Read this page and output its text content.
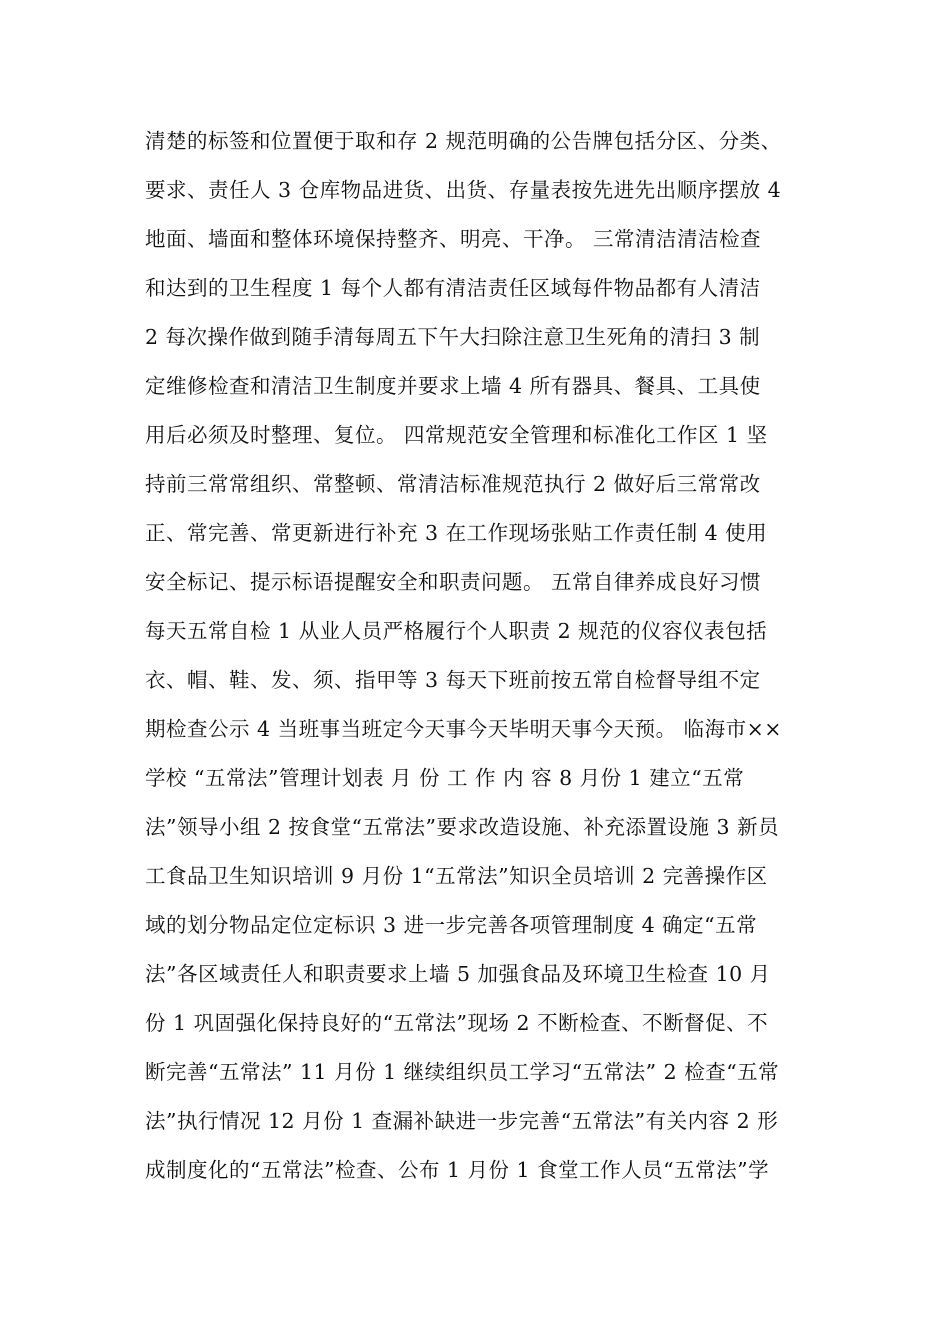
清楚的标签和位置便于取和存 2 规范明确的公告牌包括分区、分类、
要求、责任人 3 仓库物品进货、出货、存量表按先进先出顺序摆放 4
地面、墙面和整体环境保持整齐、明亮、干净。 三常清洁清洁检查
和达到的卫生程度 1 每个人都有清洁责任区域每件物品都有人清洁
2 每次操作做到随手清每周五下午大扫除注意卫生死角的清扫 3 制
定维修检查和清洁卫生制度并要求上墙 4 所有器具、餐具、工具使
用后必须及时整理、复位。 四常规范安全管理和标准化工作区 1 坚
持前三常常组织、常整顿、常清洁标准规范执行 2 做好后三常常改
正、常完善、常更新进行补充 3 在工作现场张贴工作责任制 4 使用
安全标记、提示标语提醒安全和职责问题。 五常自律养成良好习惯
每天五常自检 1 从业人员严格履行个人职责 2 规范的仪容仪表包括
衣、帽、鞋、发、须、指甲等 3 每天下班前按五常自检督导组不定
期检查公示 4 当班事当班定今天事今天毕明天事今天预。 临海市××
学校 “五常法”管理计划表 月 份 工 作 内 容 8 月份 1 建立“五常
法”领导小组 2 按食堂“五常法”要求改造设施、补充添置设施 3 新员
工食品卫生知识培训 9 月份 1“五常法”知识全员培训 2 完善操作区
域的划分物品定位定标识 3 进一步完善各项管理制度 4 确定“五常
法”各区域责任人和职责要求上墙 5 加强食品及环境卫生检查 10 月
份 1 巩固强化保持良好的“五常法”现场 2 不断检查、不断督促、不
断完善“五常法” 11 月份 1 继续组织员工学习“五常法” 2 检查“五常
法”执行情况 12 月份 1 查漏补缺进一步完善“五常法”有关内容 2 形
成制度化的“五常法”检查、公布 1 月份 1 食堂工作人员“五常法”学
